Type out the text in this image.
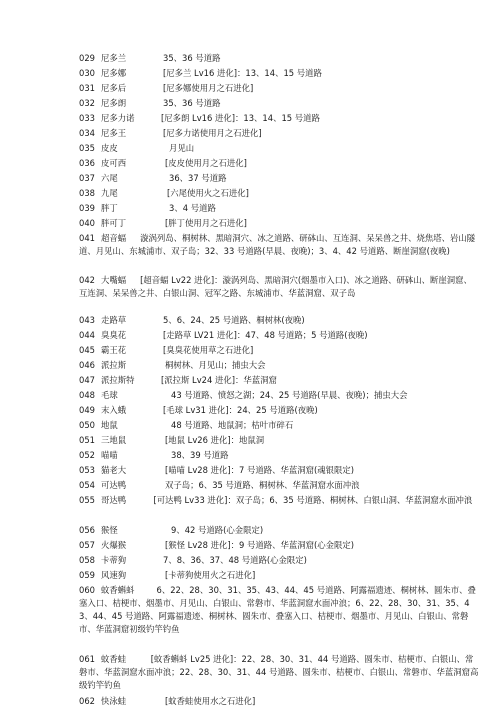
029 尼多兰	35、36 号道路
030 尼多娜	[尼多兰 Lv16 进化]：13、14、15 号道路
031 尼多后	[尼多娜使用月之石进化]
032 尼多朗	35、36 号道路
033 尼多力诺	[尼多朗 Lv16 进化]：13、14、15 号道路
034 尼多王	[尼多力诺使用月之石进化]
035 皮皮	月见山
036 皮可西	[皮皮使用月之石进化]
037 六尾	36、37 号道路
038 九尾	[六尾使用火之石进化]
039 胖丁	3、4 号道路
040 胖可丁	[胖丁使用月之石进化]
041 超音蝠 漩涡列岛、桐树林、黑暗洞穴、冰之道路、研砵山、互连洞、呆呆兽之井、烧焦塔、岩山隧道、月见山、东城浦市、双子岛；32、33 号道路(早晨、夜晚)；3、4、42 号道路、断崖洞窟(夜晚)
042 大嘴蝠 [超音蝠 Lv22 进化]：漩涡列岛、黑暗洞穴(烟墨市入口)、冰之道路、研砵山、断崖洞窟、互连洞、呆呆兽之井、白银山洞、冠军之路、东城浦市、华蓝洞窟、双子岛
043 走路草	5、6、24、25 号道路、桐树林(夜晚)
044 臭臭花	[走路草 LV21 进化]：47、48 号道路；5 号道路(夜晚)
045 霸王花	[臭臭花使用草之石进化]
046 派拉斯	桐树林、月见山；捕虫大会
047 派拉斯特	[派拉斯 Lv24 进化]：华蓝洞窟
048 毛球	43 号道路、愤怒之湖；24、25 号道路(早晨、夜晚)；捕虫大会
049 末入蛾	[毛球 Lv31 进化]：24、25 号道路(夜晚)
050 地鼠	48 号道路、地鼠洞；枯叶市碎石
051 三地鼠	[地鼠 Lv26 进化]：地鼠洞
052 喵喵	38、39 号道路
053 猫老大	[喵喵 Lv28 进化]：7 号道路、华蓝洞窟(魂银限定)
054 可达鸭	双子岛；6、35 号道路、桐树林、华蓝洞窟水面冲浪
055 哥达鸭	[可达鸭 Lv33 进化]：双子岛；6、35 号道路、桐树林、白银山洞、华蓝洞窟水面冲浪
056 猴怪	9、42 号道路(心金限定)
057 火爆猴	[猴怪 Lv28 进化]：9 号道路、华蓝洞窟(心金限定)
058 卡蒂狗	7、8、36、37、48 号道路(心金限定)
059 风速狗	[卡蒂狗使用火之石进化]
060 蚊香蝌蚪	6、22、28、30、31、35、43、44、45 号道路、阿露福遗迹、桐树林、圆朱市、叠塞入口、桔梗市、烟墨市、月见山、白银山、常磐市、华蓝洞窟水面冲浪；6、22、28、30、31、35、43、44、45 号道路、阿露福遗迹、桐树林、圆朱市、叠塞入口、桔梗市、烟墨市、月见山、白银山、常磐市、华蓝洞窟初级钓竿钓鱼
061 蚊香蛙	[蚊香蝌蚪 Lv25 进化]：22、28、30、31、44 号道路、圆朱市、桔梗市、白银山、常磐市、华蓝洞窟水面冲浪；22、28、30、31、44 号道路、圆朱市、桔梗市、白银山、常磐市、华蓝洞窟高级钓竿钓鱼
062 快泳蛙	[蚊香蛙使用水之石进化]
